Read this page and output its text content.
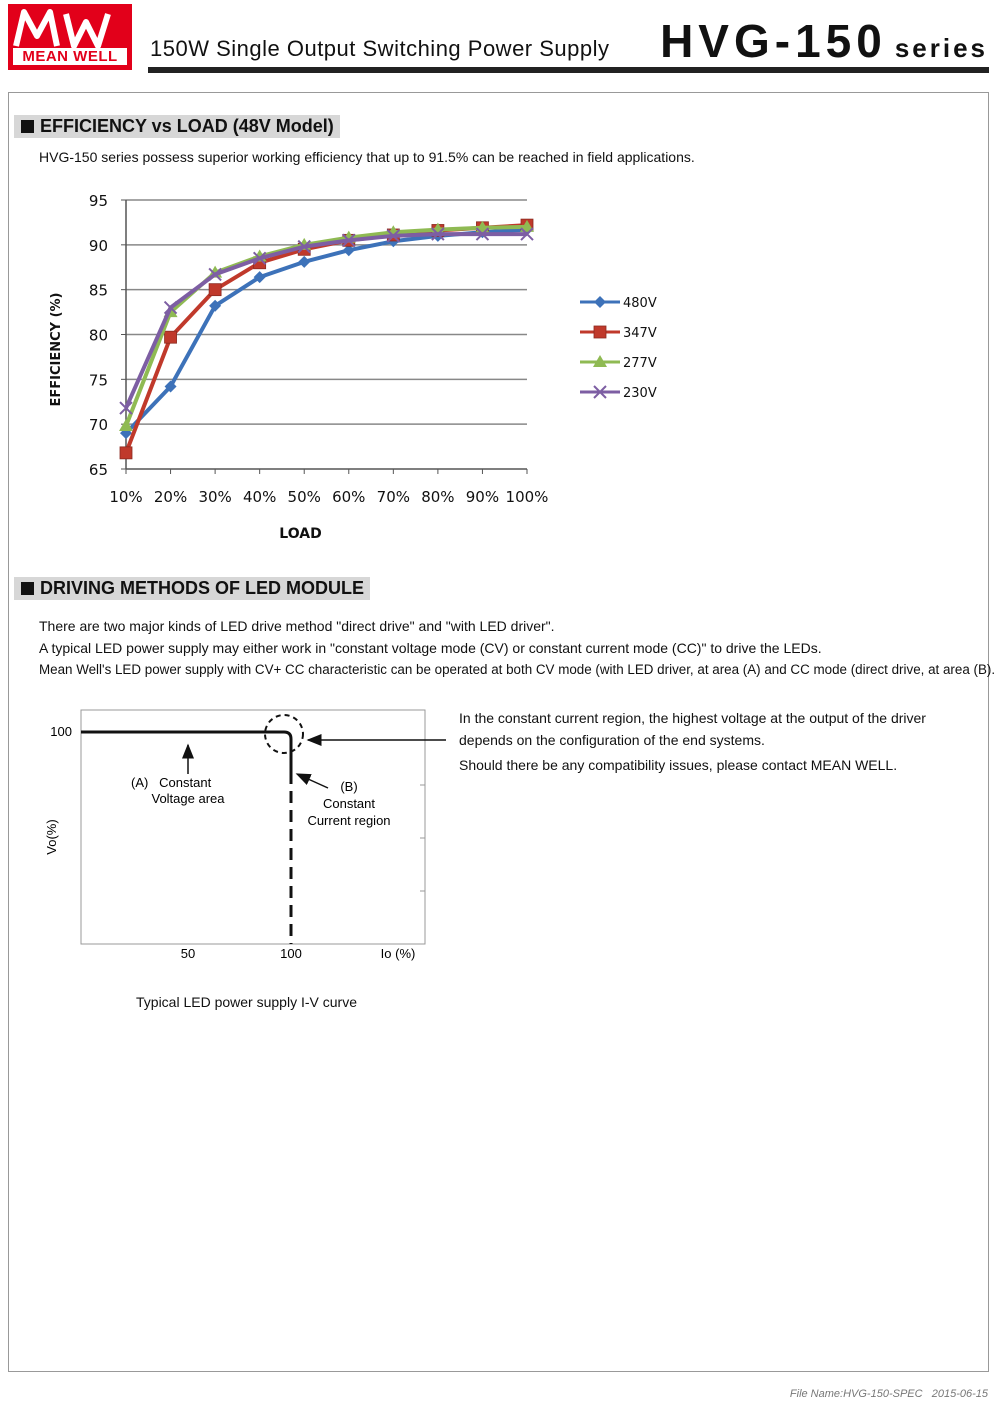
MEAN WELL	150W Single Output Switching Power Supply HVG-150 series
EFFICIENCY vs LOAD (48V Model)
HVG-150 series possess superior working efficiency that up to 91.5% can be reached in field applications.
65
70
75
80
85
90
95
10% 20% 30% 40% 50% 60% 70% 80% 90% 100%
LOAD
EFFICIENCY (%)	480V
347V
277V
230V
DRIVING METHODS OF LED MODULE
There are two major kinds of LED drive method "direct drive" and "with LED driver".
A typical LED power supply may either work in "constant voltage mode (CV) or constant current mode (CC)" to drive the LEDs.
Mean Well's LED power supply with CV+ CC characteristic can be operated at both CV mode (with LED driver, at area (A) and CC mode (direct drive, at area (B).
100
Vo(%)
50	100	Io (%)
(A)   Constant
Voltage area
(B)
Constant
Current region
In the constant current region, the highest voltage at the output of the driver
depends on the configuration of the end systems.
Should there be any compatibility issues, please contact MEAN WELL.
Typical LED power supply I-V curve
File Name:HVG-150-SPEC   2015-06-15
